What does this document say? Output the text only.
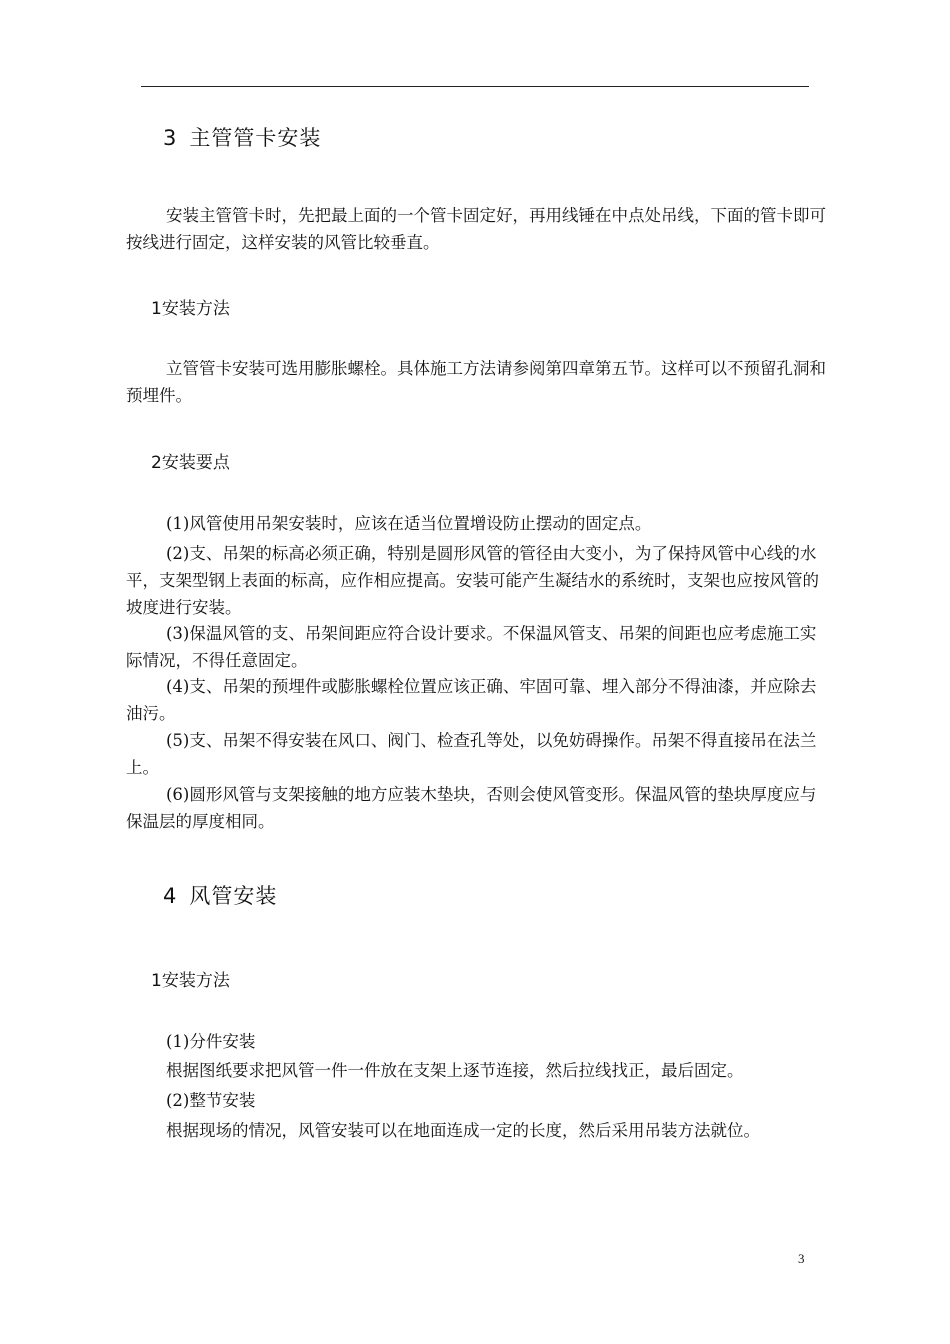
3 主管管卡安装
安装主管管卡时，先把最上面的一个管卡固定好，再用线锤在中点处吊线，下面的管卡即可按线进行固定，这样安装的风管比较垂直。
1安装方法
立管管卡安装可选用膨胀螺栓。具体施工方法请参阅第四章第五节。这样可以不预留孔洞和预埋件。
2安装要点
(1)风管使用吊架安装时，应该在适当位置增设防止摆动的固定点。
(2)支、吊架的标高必须正确，特别是圆形风管的管径由大变小，为了保持风管中心线的水平，支架型钢上表面的标高，应作相应提高。安装可能产生凝结水的系统时，支架也应按风管的坡度进行安装。
(3)保温风管的支、吊架间距应符合设计要求。不保温风管支、吊架的间距也应考虑施工实际情况，不得任意固定。
(4)支、吊架的预埋件或膨胀螺栓位置应该正确、牢固可靠、埋入部分不得油漆，并应除去油污。
(5)支、吊架不得安装在风口、阀门、检查孔等处，以免妨碍操作。吊架不得直接吊在法兰上。
(6)圆形风管与支架接触的地方应装木垫块，否则会使风管变形。保温风管的垫块厚度应与保温层的厚度相同。
4 风管安装
1安装方法
(1)分件安装
根据图纸要求把风管一件一件放在支架上逐节连接，然后拉线找正，最后固定。
(2)整节安装
根据现场的情况，风管安装可以在地面连成一定的长度，然后采用吊装方法就位。
3
